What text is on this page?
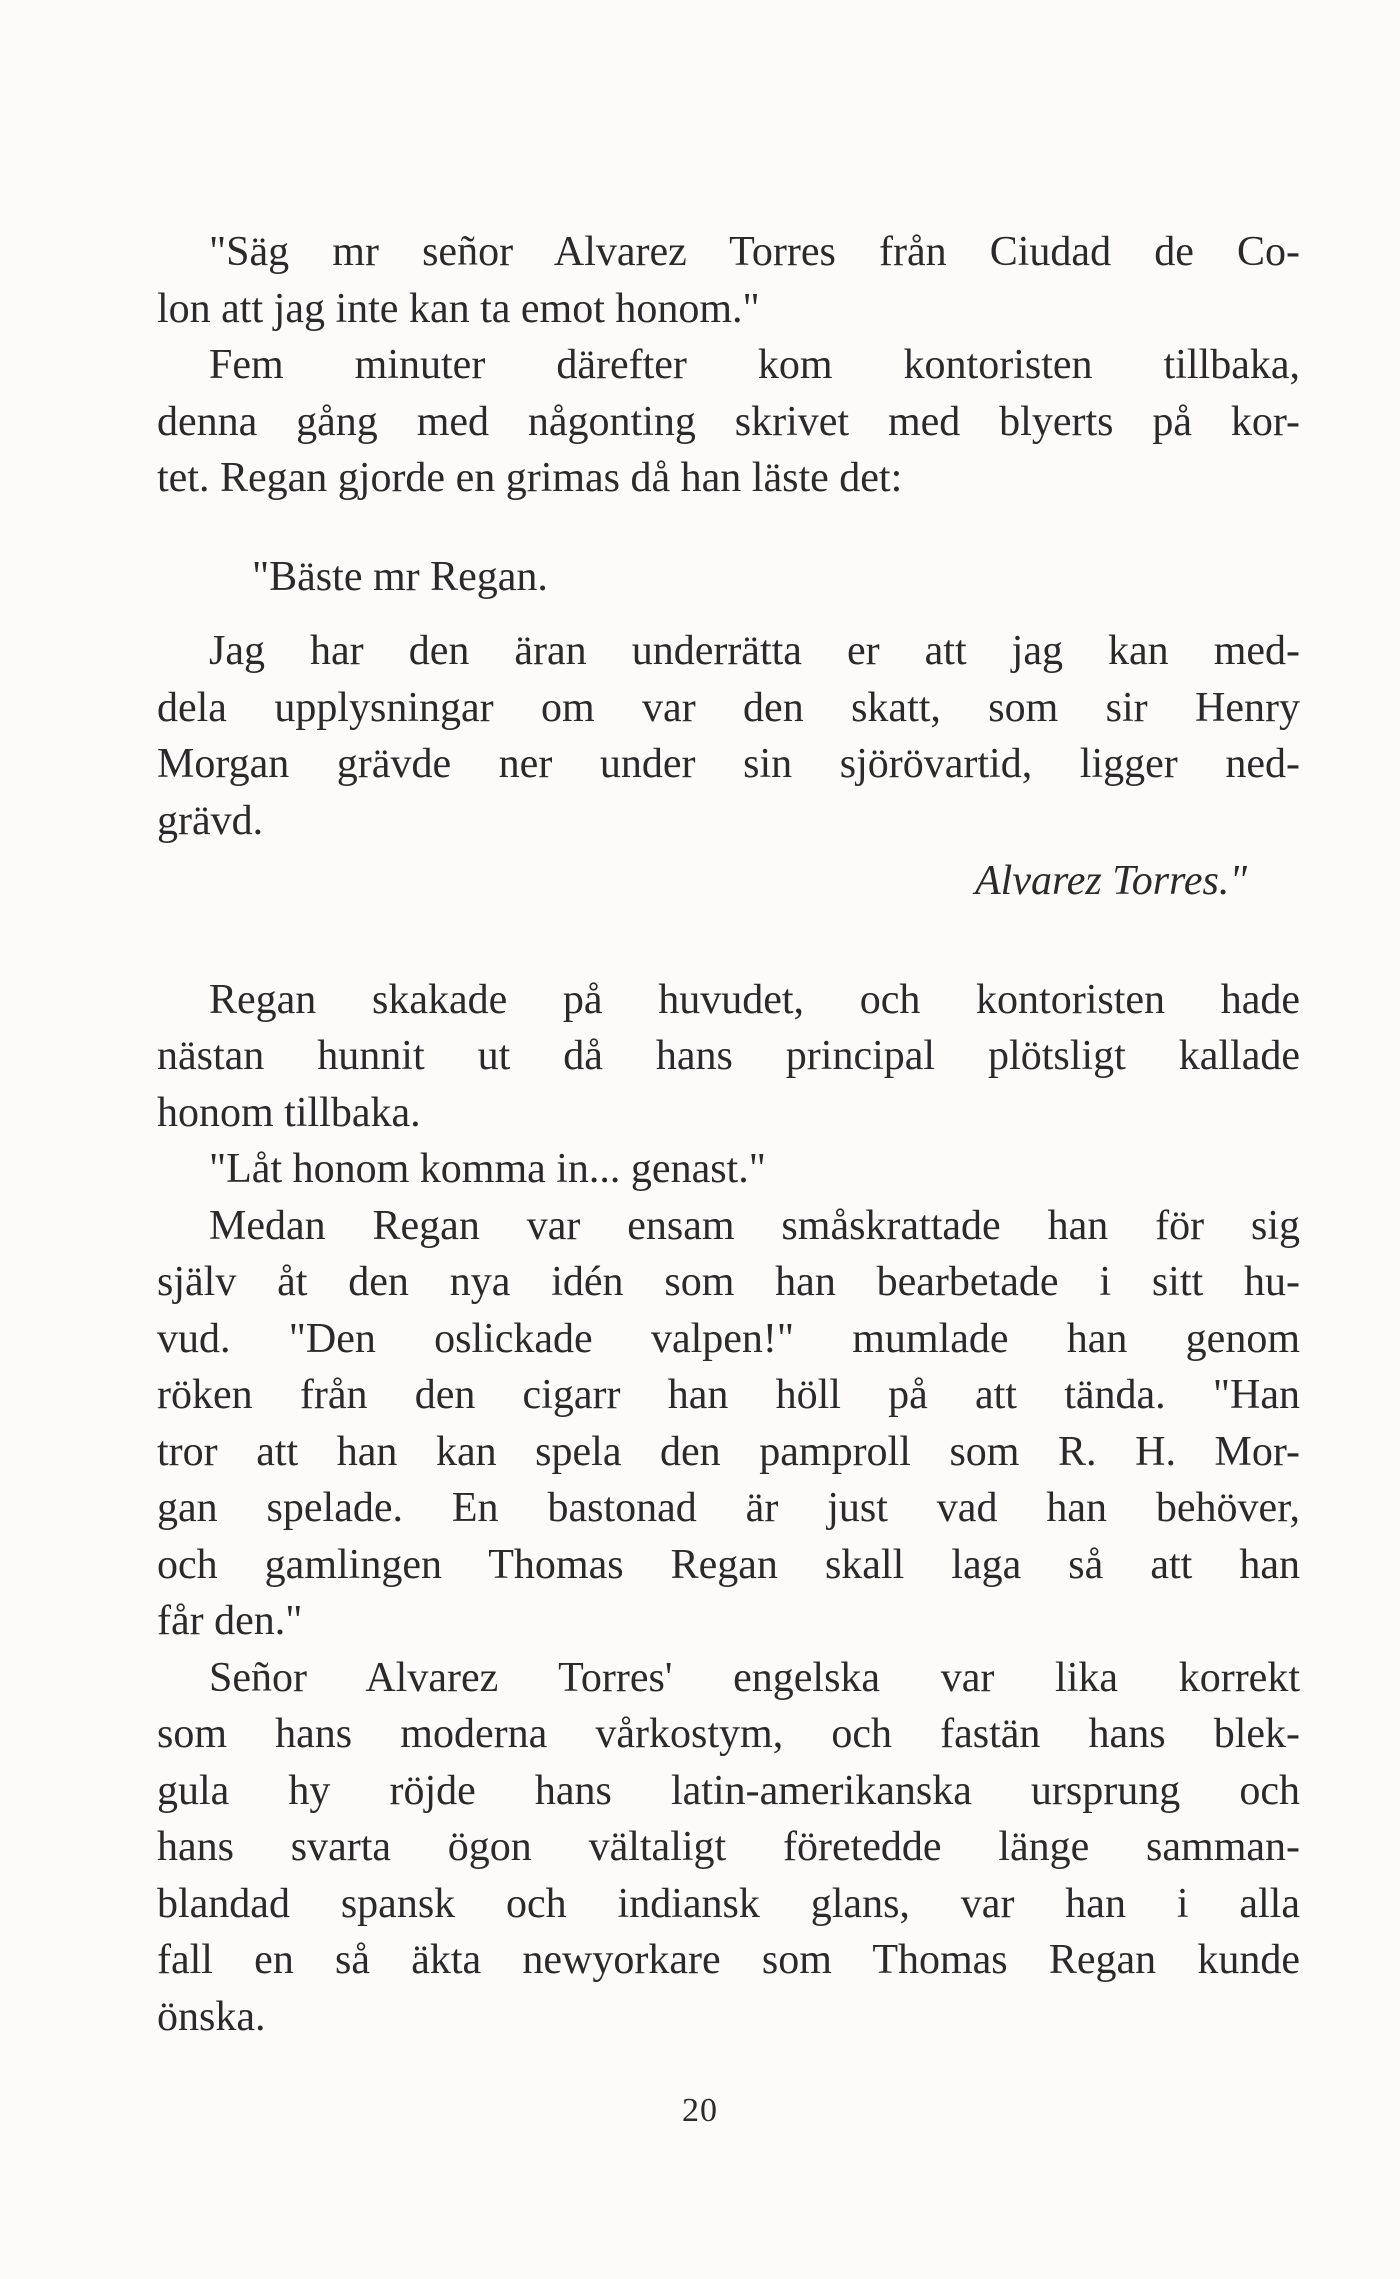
"Säg mr señor Alvarez Torres från Ciudad de Co-
lon att jag inte kan ta emot honom."
Fem minuter därefter kom kontoristen tillbaka,
denna gång med någonting skrivet med blyerts på kor-
tet. Regan gjorde en grimas då han läste det:
"Bäste mr Regan.
Jag har den äran underrätta er att jag kan med-
dela upplysningar om var den skatt, som sir Henry
Morgan grävde ner under sin sjörövartid, ligger ned-
grävd.
Alvarez Torres."
Regan skakade på huvudet, och kontoristen hade
nästan hunnit ut då hans principal plötsligt kallade
honom tillbaka.
"Låt honom komma in... genast."
Medan Regan var ensam småskrattade han för sig
själv åt den nya idén som han bearbetade i sitt hu-
vud. "Den oslickade valpen!" mumlade han genom
röken från den cigarr han höll på att tända. "Han
tror att han kan spela den pamproll som R. H. Mor-
gan spelade. En bastonad är just vad han behöver,
och gamlingen Thomas Regan skall laga så att han
får den."
Señor Alvarez Torres' engelska var lika korrekt
som hans moderna vårkostym, och fastän hans blek-
gula hy röjde hans latin-amerikanska ursprung och
hans svarta ögon vältaligt företedde länge samman-
blandad spansk och indiansk glans, var han i alla
fall en så äkta newyorkare som Thomas Regan kunde
önska.
20
